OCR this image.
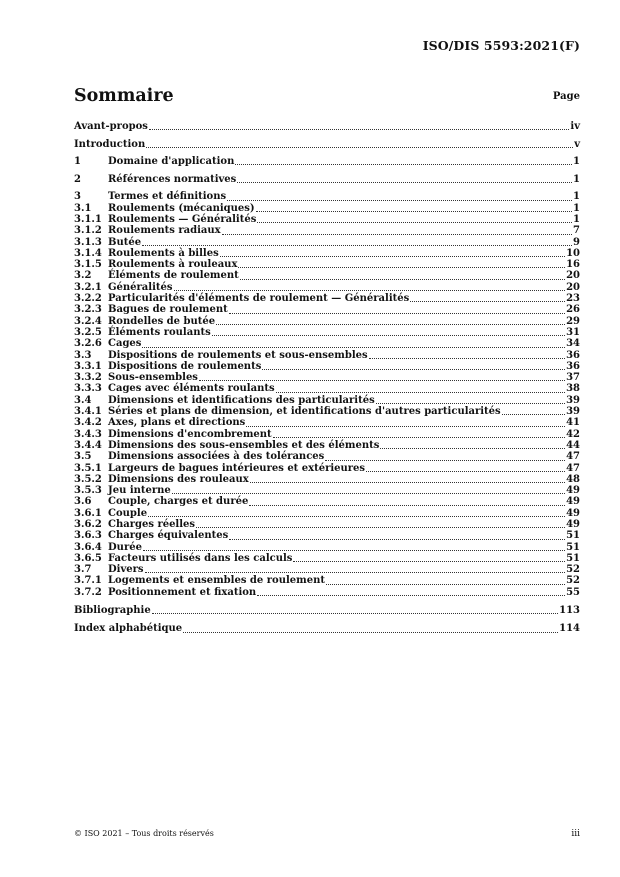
ISO/DIS 5593:2021(F)
Sommaire	Page
Avant-propos	iv
Introduction	v
1	Domaine d'application	1
2	Références normatives	1
3	Termes et définitions	1
3.1	Roulements (mécaniques)	1
3.1.1 Roulements — Généralités	1
3.1.2 Roulements radiaux	7
3.1.3 Butée	9
3.1.4 Roulements à billes	10
3.1.5 Roulements à rouleaux	16
3.2	Éléments de roulement	20
3.2.1 Généralités	20
3.2.2 Particularités d'éléments de roulement — Généralités	23
3.2.3 Bagues de roulement	26
3.2.4 Rondelles de butée	29
3.2.5 Éléments roulants	31
3.2.6 Cages	34
3.3	Dispositions de roulements et sous-ensembles	36
3.3.1 Dispositions de roulements	36
3.3.2 Sous-ensembles	37
3.3.3 Cages avec éléments roulants	38
3.4	Dimensions et identifications des particularités	39
3.4.1 Séries et plans de dimension, et identifications d'autres particularités	39
3.4.2 Axes, plans et directions	41
3.4.3 Dimensions d'encombrement	42
3.4.4 Dimensions des sous-ensembles et des éléments	44
3.5	Dimensions associées à des tolérances	47
3.5.1 Largeurs de bagues intérieures et extérieures	47
3.5.2 Dimensions des rouleaux	48
3.5.3 Jeu interne	49
3.6	Couple, charges et durée	49
3.6.1 Couple	49
3.6.2 Charges réelles	49
3.6.3 Charges équivalentes	51
3.6.4 Durée	51
3.6.5 Facteurs utilisés dans les calculs	51
3.7	Divers	52
3.7.1 Logements et ensembles de roulement	52
3.7.2 Positionnement et fixation	55
Bibliographie	113
Index alphabétique	114
© ISO 2021 – Tous droits réservés	iii
